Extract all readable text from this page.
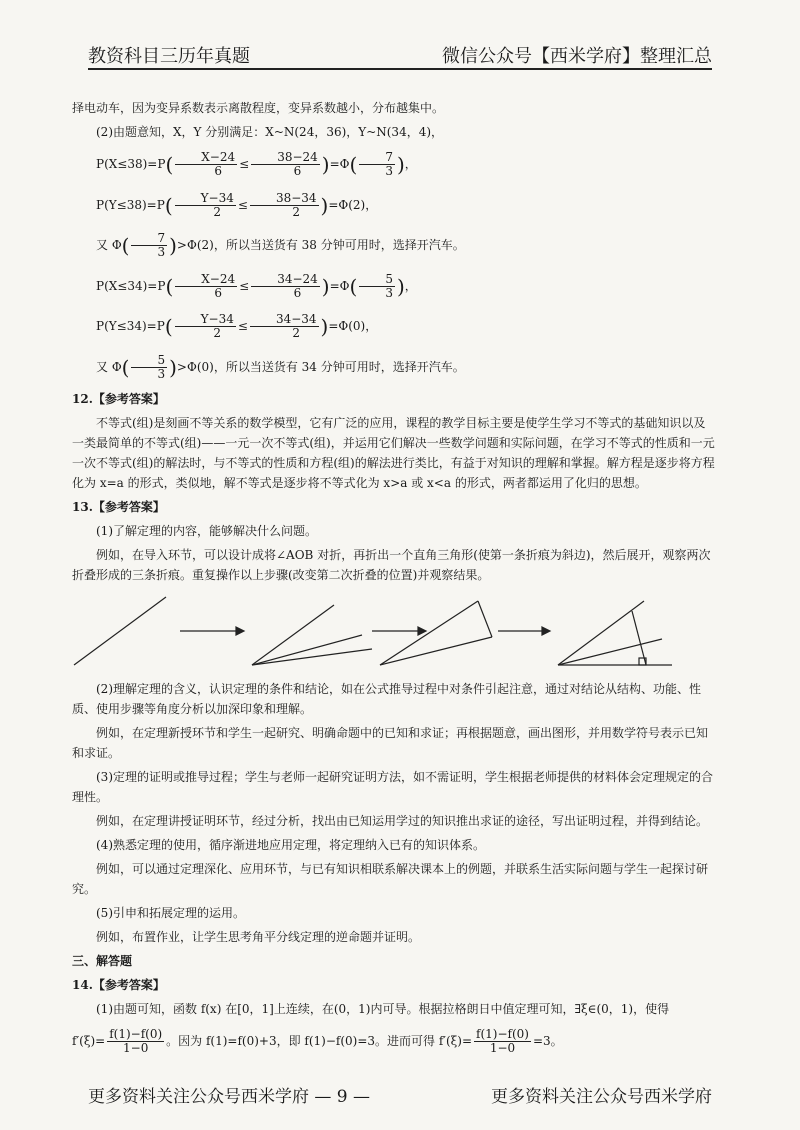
教资科目三历年真题	微信公众号【西米学府】整理汇总

择电动车，因为变异系数表示离散程度，变异系数越小，分布越集中。

(2)由题意知，X，Y 分别满足：X~N(24，36)，Y~N(34，4)，

$P(X\le 38)=P( \frac{X-24}{6} \le \frac{38-24}{6} )=\Phi( \frac{7}{3}$ )，

$P(Y\le 38)=P( \frac{Y-34}{2} \le \frac{38-34}{2} )=\Phi(2)$，

又 $\Phi( \frac{7}{3} )>\Phi(2)$，所以当送货有 38 分钟可用时，选择开汽车。

$P(X\le 34)=P( \frac{X-24}{6} \le \frac{34-24}{6} )=\Phi( \frac{5}{3}$ )，

$P(Y\le 34)=P( \frac{Y-34}{2} \le \frac{34-34}{2} )=\Phi(0)$，

又 $\Phi( \frac{5}{3} )>\Phi(0)$，所以当送货有 34 分钟可用时，选择开汽车。

12.【参考答案】

不等式(组)是刻画不等关系的数学模型，它有广泛的应用，课程的教学目标主要是使学生学习不等式的基础知识以及一类最简单的不等式(组)——一元一次不等式(组)，并运用它们解决一些数学问题和实际问题，在学习不等式的性质和一元一次不等式(组)的解法时，与不等式的性质和方程(组)的解法进行类比，有益于对知识的理解和掌握。解方程是逐步将方程化为 x=a 的形式，类似地，解不等式是逐步将不等式化为 x>a 或 x<a 的形式，两者都运用了化归的思想。

13.【参考答案】

(1)了解定理的内容，能够解决什么问题。

例如，在导入环节，可以设计成将∠AOB 对折，再折出一个直角三角形(使第一条折痕为斜边)，然后展开，观察两次折叠形成的三条折痕。重复操作以上步骤(改变第二次折叠的位置)并观察结果。

(2)理解定理的含义，认识定理的条件和结论，如在公式推导过程中对条件引起注意，通过对结论从结构、功能、性质、使用步骤等角度分析以加深印象和理解。

例如，在定理新授环节和学生一起研究、明确命题中的已知和求证；再根据题意，画出图形，并用数学符号表示已知和求证。

(3)定理的证明或推导过程；学生与老师一起研究证明方法，如不需证明，学生根据老师提供的材料体会定理规定的合理性。

例如，在定理讲授证明环节，经过分析，找出由已知运用学过的知识推出求证的途径，写出证明过程，并得到结论。

(4)熟悉定理的使用，循序渐进地应用定理，将定理纳入已有的知识体系。

例如，可以通过定理深化、应用环节，与已有知识相联系解决课本上的例题，并联系生活实际问题与学生一起探讨研究。

(5)引申和拓展定理的运用。

例如，布置作业，让学生思考角平分线定理的逆命题并证明。

三、解答题

14.【参考答案】

(1)由题可知，函数 f(x) 在[0，1]上连续，在(0，1)内可导。根据拉格朗日中值定理可知，∃ξ∈(0，1)，使得

$f'(\xi)= \frac{f(1)-f(0)}{1-0}$ 。因为 f(1)=f(0)+3，即 f(1)−f(0)=3。进而可得 $f'(\xi)= \frac{f(1)-f(0)}{1-0} =3$。

更多资料关注公众号西米学府 — 9 —	更多资料关注公众号西米学府
